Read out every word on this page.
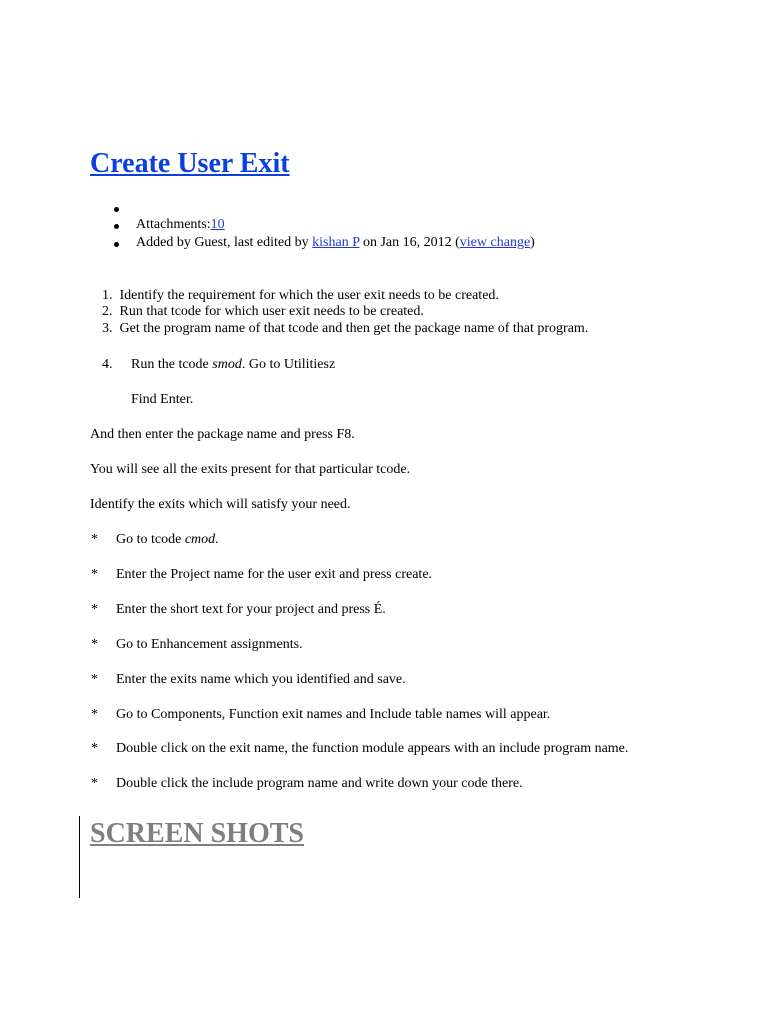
Create User Exit
Attachments:10
Added by Guest, last edited by kishan P on Jan 16, 2012 (view change)
1. Identify the requirement for which the user exit needs to be created.
2. Run that tcode for which user exit needs to be created.
3. Get the program name of that tcode and then get the package name of that program.
4. Run the tcode smod. Go to Utilitiesz
Find Enter.
And then enter the package name and press F8.
You will see all the exits present for that particular tcode.
Identify the exits which will satisfy your need.
* Go to tcode cmod.
* Enter the Project name for the user exit and press create.
* Enter the short text for your project and press É.
* Go to Enhancement assignments.
* Enter the exits name which you identified and save.
* Go to Components, Function exit names and Include table names will appear.
* Double click on the exit name, the function module appears with an include program name.
* Double click the include program name and write down your code there.
SCREEN SHOTS
